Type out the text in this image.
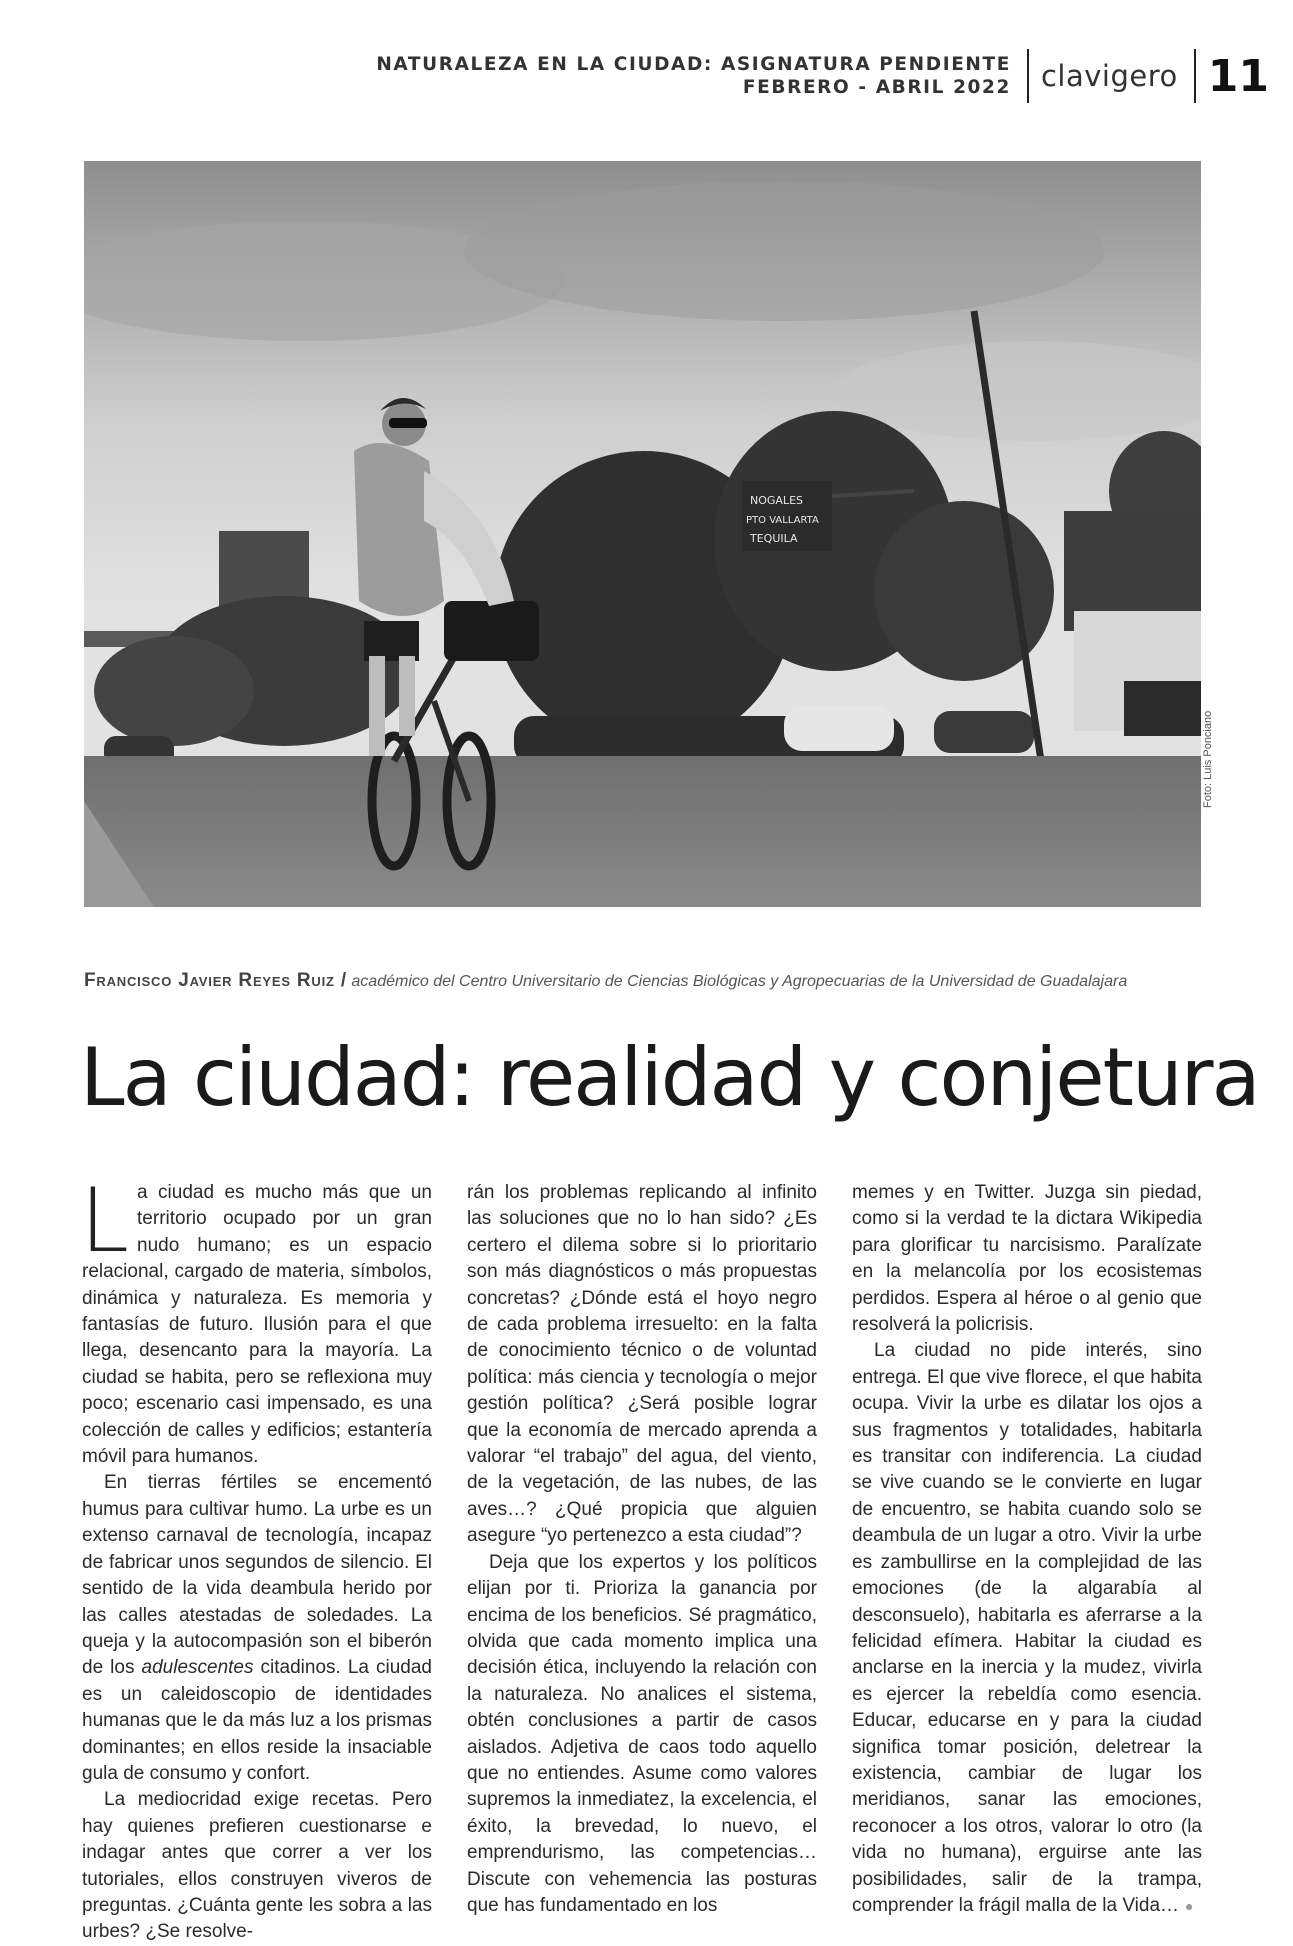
NATURALEZA EN LA CIUDAD: ASIGNATURA PENDIENTE
FEBRERO - ABRIL 2022 clavigero 11
NOGALES
PTO VALLARTA
TEQUILA
Foto: Luis Ponciano
Francisco Javier Reyes Ruiz / académico del Centro Universitario de Ciencias Biológicas y Agropecuarias de la Universidad de Guadalajara
La ciudad: realidad y conjetura

La ciudad es mucho más que un territorio ocupado por un gran nudo humano; es un espacio relacional, cargado de materia, símbolos, dinámica y naturaleza. Es memoria y fantasías de futuro. Ilusión para el que llega, desencanto para la mayoría. La ciudad se habita, pero se reflexiona muy poco; escenario casi impensado, es una colección de calles y edificios; estantería móvil para humanos.

En tierras fértiles se encementó humus para cultivar humo. La urbe es un extenso carnaval de tecnología, incapaz de fabricar unos segundos de silencio. El sentido de la vida deambula herido por las calles atestadas de soledades. La queja y la autocompasión son el biberón de los adulescentes citadinos. La ciudad es un caleidoscopio de identidades humanas que le da más luz a los prismas dominantes; en ellos reside la insaciable gula de consumo y confort.

La mediocridad exige recetas. Pero hay quienes prefieren cuestionarse e indagar antes que correr a ver los tutoriales, ellos construyen viveros de preguntas. ¿Cuánta gente les sobra a las urbes? ¿Se resolve-

rán los problemas replicando al infinito las soluciones que no lo han sido? ¿Es certero el dilema sobre si lo prioritario son más diagnósticos o más propuestas concretas? ¿Dónde está el hoyo negro de cada problema irresuelto: en la falta de conocimiento técnico o de voluntad política: más ciencia y tecnología o mejor gestión política? ¿Será posible lograr que la economía de mercado aprenda a valorar “el trabajo” del agua, del viento, de la vegetación, de las nubes, de las aves…? ¿Qué propicia que alguien asegure “yo pertenezco a esta ciudad”?

Deja que los expertos y los políticos elijan por ti. Prioriza la ganancia por encima de los beneficios. Sé pragmático, olvida que cada momento implica una decisión ética, incluyendo la relación con la naturaleza. No analices el sistema, obtén conclusiones a partir de casos aislados. Adjetiva de caos todo aquello que no entiendes. Asume como valores supremos la inmediatez, la excelencia, el éxito, la brevedad, lo nuevo, el emprendurismo, las competencias… Discute con vehemencia las posturas que has fundamentado en los

memes y en Twitter. Juzga sin piedad, como si la verdad te la dictara Wikipedia para glorificar tu narcisismo. Paralízate en la melancolía por los ecosistemas perdidos. Espera al héroe o al genio que resolverá la policrisis.

La ciudad no pide interés, sino entrega. El que vive florece, el que habita ocupa. Vivir la urbe es dilatar los ojos a sus fragmentos y totalidades, habitarla es transitar con indiferencia. La ciudad se vive cuando se le convierte en lugar de encuentro, se habita cuando solo se deambula de un lugar a otro. Vivir la urbe es zambullirse en la complejidad de las emociones (de la algarabía al desconsuelo), habitarla es aferrarse a la felicidad efímera. Habitar la ciudad es anclarse en la inercia y la mudez, vivirla es ejercer la rebeldía como esencia. Educar, educarse en y para la ciudad significa tomar posición, deletrear la existencia, cambiar de lugar los meridianos, sanar las emociones, reconocer a los otros, valorar lo otro (la vida no humana), erguirse ante las posibilidades, salir de la trampa, comprender la frágil malla de la Vida… ●
